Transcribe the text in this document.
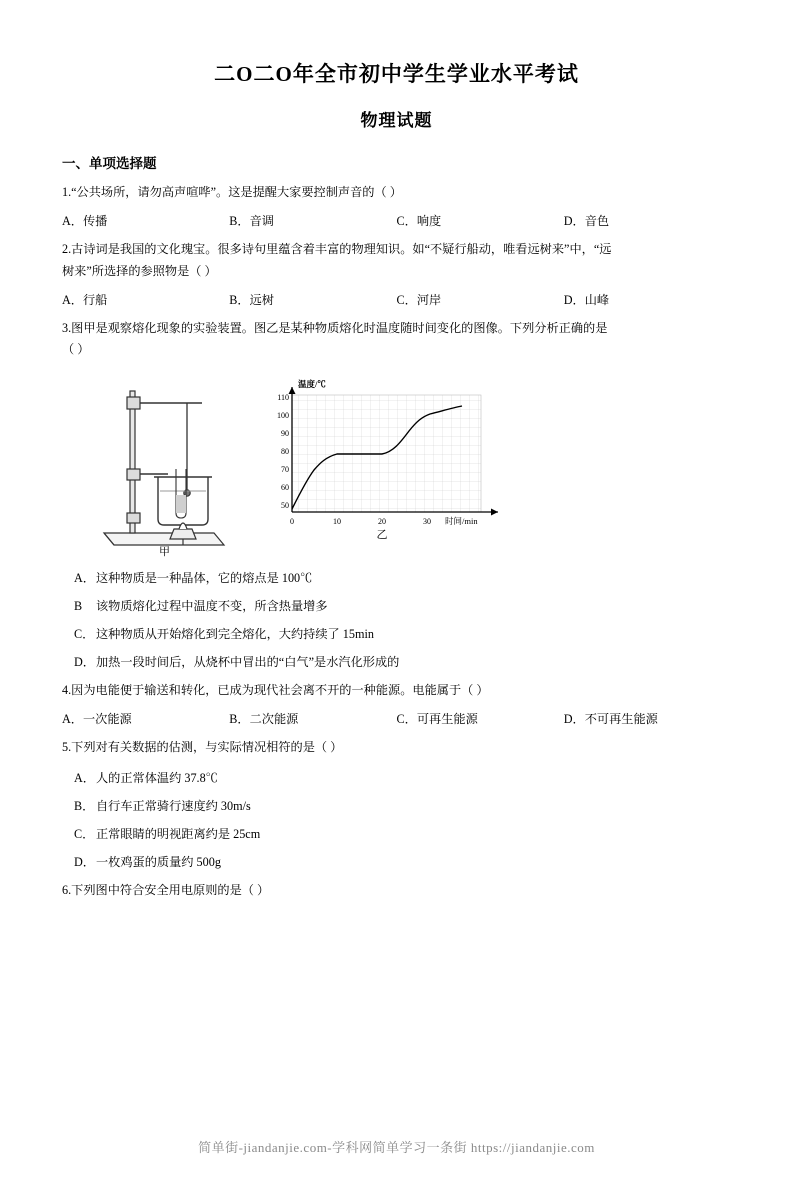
二O二O年全市初中学生学业水平考试
物理试题
一、单项选择题
1.“公共场所，请勿高声喧哗”。这是提醒大家要控制声音的（ ）
A．传播	B．音调	C．响度	D．音色
2.古诗词是我国的文化瑰宝。很多诗句里蕴含着丰富的物理知识。如“不疑行船动，唯看远树来”中，“远
树来”所选择的参照物是（ ）
A．行船	B．远树	C．河岸	D．山峰
3.图甲是观察熔化现象的实验装置。图乙是某种物质熔化时温度随时间变化的图像。下列分析正确的是
（ ）
甲
110
100
90
80
70
60
50
0	10	20	30
温度/℃
时间/min
乙
A．这种物质是一种晶体，它的熔点是 100℃
B 该物质熔化过程中温度不变，所含热量增多
C． 这种物质从开始熔化到完全熔化，大约持续了 15min
D．加热一段时间后，从烧杯中冒出的“白气”是水汽化形成的
4.因为电能便于输送和转化，已成为现代社会离不开的一种能源。电能属于（ ）
A．一次能源	B．二次能源	C．可再生能源	D．不可再生能源
5.下列对有关数据的估测，与实际情况相符的是（ ）
A．人的正常体温约 37.8℃
B． 自行车正常骑行速度约 30m/s
C． 正常眼睛的明视距离约是 25cm
D．一枚鸡蛋的质量约 500g
6.下列图中符合安全用电原则的是（ ）
简单街-jiandanjie.com-学科网简单学习一条街 https://jiandanjie.com
